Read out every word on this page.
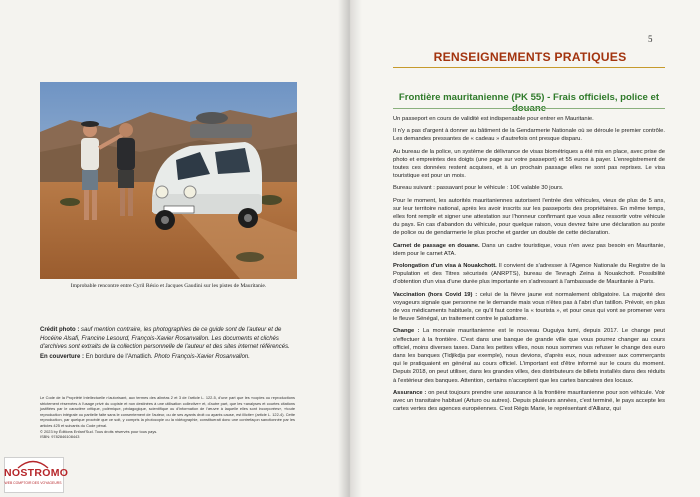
Improbable rencontre entre Cyril Résio et Jacques Gaudini sur les pistes de Mauritanie.

Crédit photo : sauf mention contraire, les photographies de ce guide sont de l'auteur et de Hocéine Alsafi, Francine Lesourd, François-Xavier Rosanvallon. Les documents et clichés d'archives sont extraits de la collection personnelle de l'auteur et des sites internet référencés.

En couverture : En bordure de l'Amatlich. Photo François-Xavier Rosanvallon.

Le Code de la Propriété Intellectuelle n'autorisant, aux termes des alinéas 2 et 3 de l'article L. 122-5, d'une part que les «copies ou reproductions strictement réservées à l'usage privé du copiste et non destinées à une utilisation collective» et, d'autre part, que les «analyses et courtes citations justifiées par le caractère critique, polémique, pédagogique, scientifique ou d'information de l'œuvre à laquelle elles sont incorporées», «toute reproduction intégrale ou partielle faite sans le consentement de l'auteur, ou de ses ayants droit ou ayants cause, est illicite» (article L. 122-4). Cette reproduction, par quelque procédé que ce soit, y compris la photocopie ou la vidéographie, constituerait donc une contrefaçon sanctionnée par les articles 425 et suivants du Code pénal.

© 2023 by Éditions Enfant'Sud. Tous droits réservés pour tous pays.

ISBN: 9782846108443

NOSTROMO
WEB COMPTOIR DES VOYAGEURS
5
RENSEIGNEMENTS PRATIQUES
Frontière mauritanienne (PK 55) - Frais officiels, police et

Un passeport en cours de validité est indispensable pour entrer en Mauritanie.

Il n'y a pas d'argent à donner au bâtiment de la Gendarmerie Nationale où se déroule le premier contrôle. Les demandes pressantes de « cadeau » d'autrefois ont presque disparu.

Au bureau de la police, un système de délivrance de visas biométriques a été mis en place, avec prise de photo et empreintes des doigts (une page sur votre passeport) et 55 euros à payer. L'enregistrement de toutes ces données restent acquises, et à un prochain passage elles ne sont pas reprises. Le visa touristique est pour un mois.

Bureau suivant : passavant pour le véhicule : 10€ valable 30 jours.

Pour le moment, les autorités mauritaniennes autorisent l'entrée des véhicules, vieux de plus de 5 ans, sur leur territoire national, après les avoir inscrits sur les passeports des propriétaires. En même temps, elles font remplir et signer une attestation sur l'honneur confirmant que vous allez ressortir votre véhicule du pays. En cas d'abandon du véhicule, pour quelque raison, vous devrez faire une déclaration au poste de police ou de gendarmerie le plus proche et garder un double de cette déclaration.

Carnet de passage en douane. Dans un cadre touristique, vous n'en avez pas besoin en Mauritanie, idem pour le carnet ATA.

Prolongation d'un visa à Nouakchott. Il convient de s'adresser à l'Agence Nationale du Registre de la Population et des Titres sécurisés (ANRPTS), bureau de Tevragh Zeina à Nouakchott. Possibilité d'obtention d'un visa d'une durée plus importante en s'adressant à l'ambassade de Mauritanie à Paris.

Vaccination (hors Covid 19) : celui de la fièvre jaune est normalement obligatoire. La majorité des voyageurs signale que personne ne le demande mais vous n'êtes pas à l'abri d'un tatillon. Prévoir, en plus de vos médicaments habituels, ce qu'il faut contre la « tourista », et pour ceux qui vont se promener vers le fleuve Sénégal, un traitement contre le paludisme.

Change : La monnaie mauritanienne est le nouveau Ouguiya tumi, depuis 2017. Le change peut s'effectuer à la frontière. C'est dans une banque de grande ville que vous pourrez changer au cours officiel, moins diverses taxes. Dans les petites villes, nous nous sommes vus refuser le change des euro dans les banques (Tidjikdja par exemple), nous devions, d'après eux, nous adresser aux commerçants qui le pratiquaient en général au cours officiel. L'important est d'être informé sur le cours du moment. Depuis 2018, on peut utiliser, dans les grandes villes, des distributeurs de billets installés dans des réduits à l'extérieur des banques. Attention, certains n'acceptent que les cartes bancaires des locaux.

Assurance : on peut toujours prendre une assurance à la frontière mauritanienne pour son véhicule. Voir avec un transitaire habituel (Arturo ou autres). Depuis plusieurs années, c'est terminé, le pays accepte les cartes vertes des agences européennes. C'est Régis Marie, le représentant d'Allianz, qui
